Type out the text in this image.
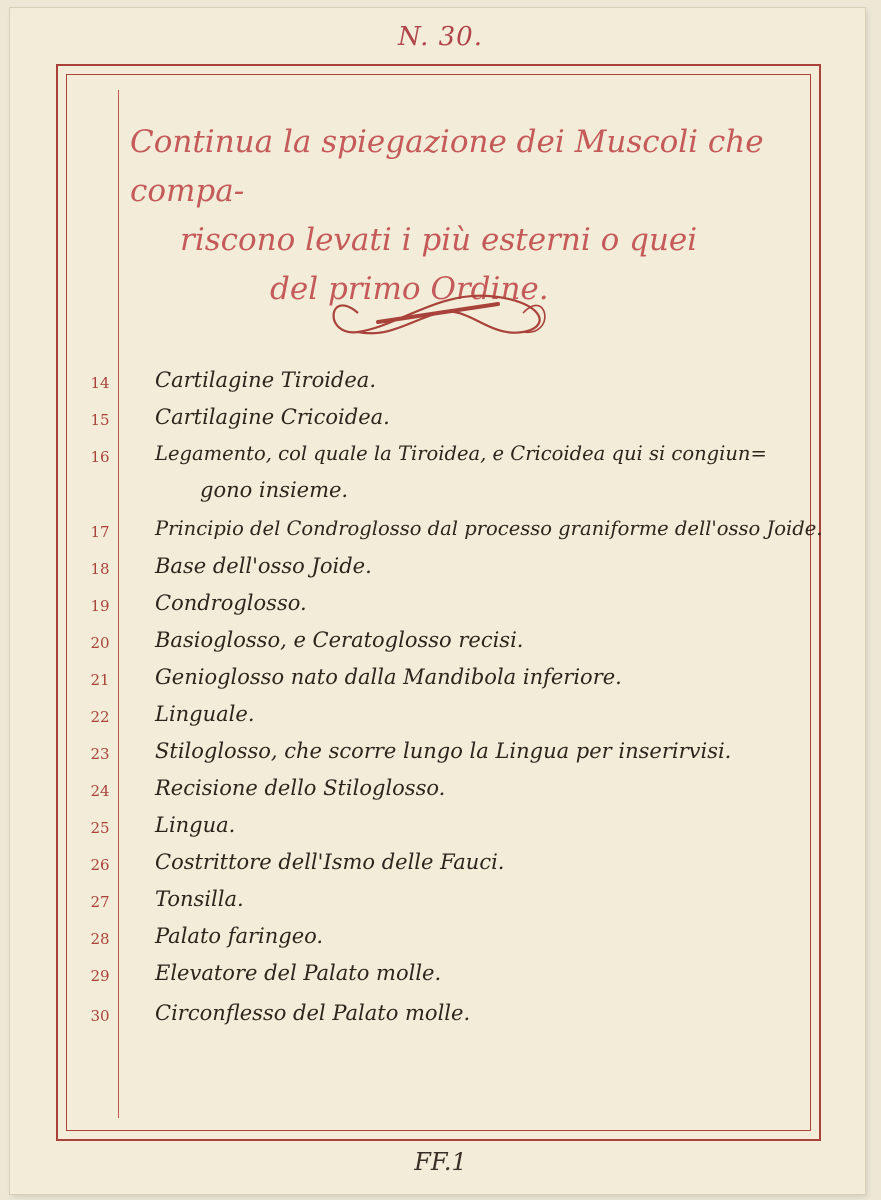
N. 30.
Continua la spiegazione dei Muscoli che compa-
riscono levati i più esterni o quei
del primo Ordine.
14	Cartilagine Tiroidea.
15	Cartilagine Cricoidea.
16	Legamento, col quale la Tiroidea, e Cricoidea qui si congiun=
gono insieme.
17	Principio del Condroglosso dal processo graniforme dell'osso Joide.
18	Base dell'osso Joide.
19	Condroglosso.
20	Basioglosso, e Ceratoglosso recisi.
21	Genioglosso nato dalla Mandibola inferiore.
22	Linguale.
23	Stiloglosso, che scorre lungo la Lingua per inserirvisi.
24	Recisione dello Stiloglosso.
25	Lingua.
26	Costrittore dell'Ismo delle Fauci.
27	Tonsilla.
28	Palato faringeo.
29	Elevatore del Palato molle.
30	Circonflesso del Palato molle.
FF.1
